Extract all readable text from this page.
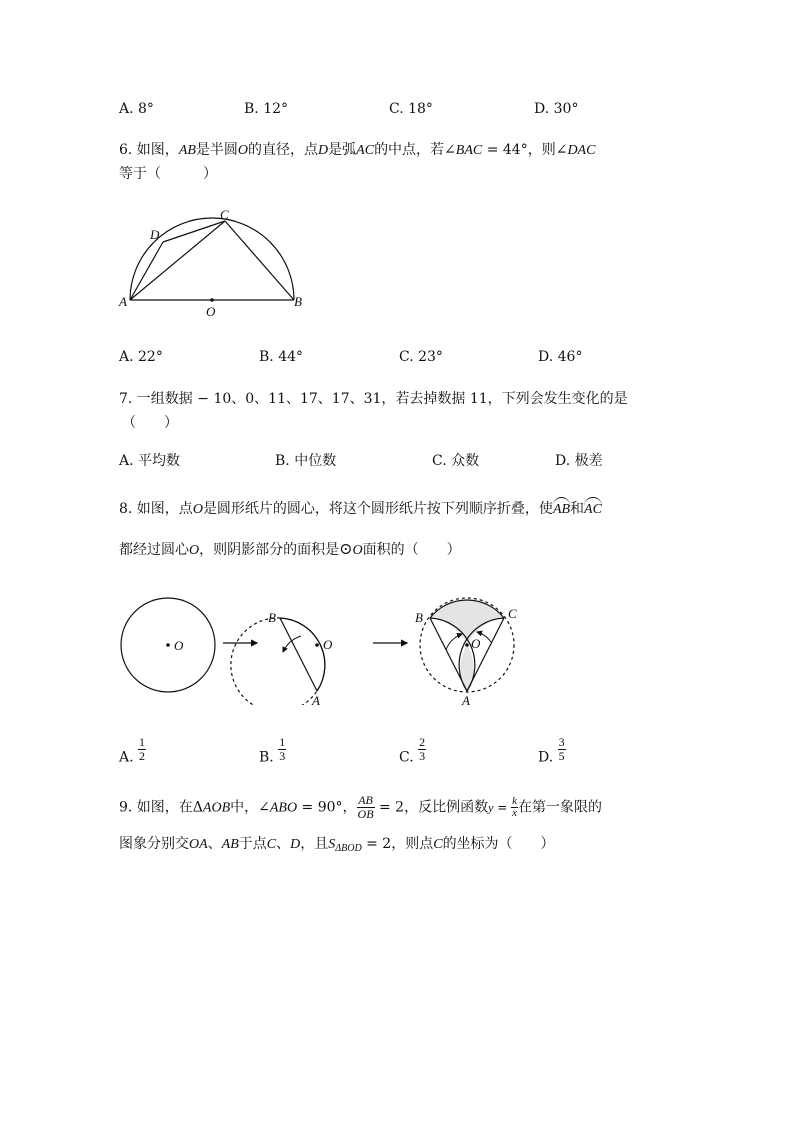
A. 8°	B. 12°	C. 18°	D. 30°
6. 如图，AB是半圆O的直径，点D是弧AC的中点，若∠BAC = 44°，则∠DAC
等于（　　　）
D
C
A
O
B
A. 22°	B. 44°	C. 23°	D. 46°
7. 一组数据 − 10、0、11、17、17、31，若去掉数据 11，下列会发生变化的是
（　　）
A. 平均数	B. 中位数	C. 众数	D. 极差
8. 如图，点O是圆形纸片的圆心，将这个圆形纸片按下列顺序折叠，使AB和AC
都经过圆心O，则阴影部分的面积是⊙O面积的（　　）
O	O
B
A
O
B	C
A
A. $\frac{1}{2}$	B. $\frac{1}{3}$	C. $\frac{2}{3}$	D. $\frac{3}{5}$
9. 如图，在ΔAOB中，∠ABO = 90°， $\frac{AB}{OB} = 2$，反比例函数$y = \frac{k}{x}$ 在第一象限的
图象分别交OA、AB于点C、D，且$S_{\Delta BOD} = 2$，则点C的坐标为（　　）
